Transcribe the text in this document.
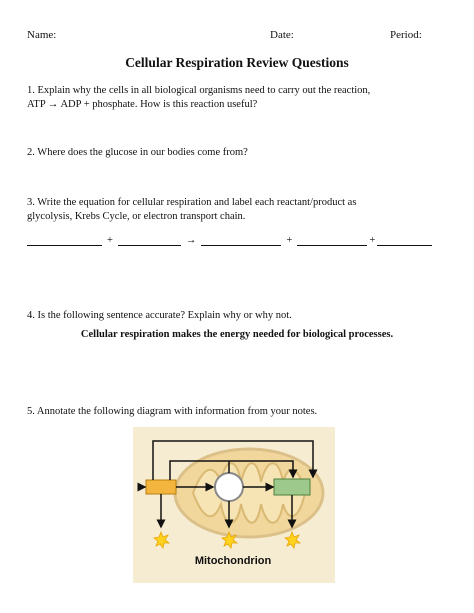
Name:	Date:	Period:
Cellular Respiration Review Questions
1. Explain why the cells in all biological organisms need to carry out the reaction,
ATP → ADP + phosphate. How is this reaction useful?
2. Where does the glucose in our bodies come from?
3. Write the equation for cellular respiration and label each reactant/product as
glycolysis, Krebs Cycle, or electron transport chain.
+	→	+	+
4. Is the following sentence accurate? Explain why or why not.
Cellular respiration makes the energy needed for biological processes.
5. Annotate the following diagram with information from your notes.
Mitochondrion
